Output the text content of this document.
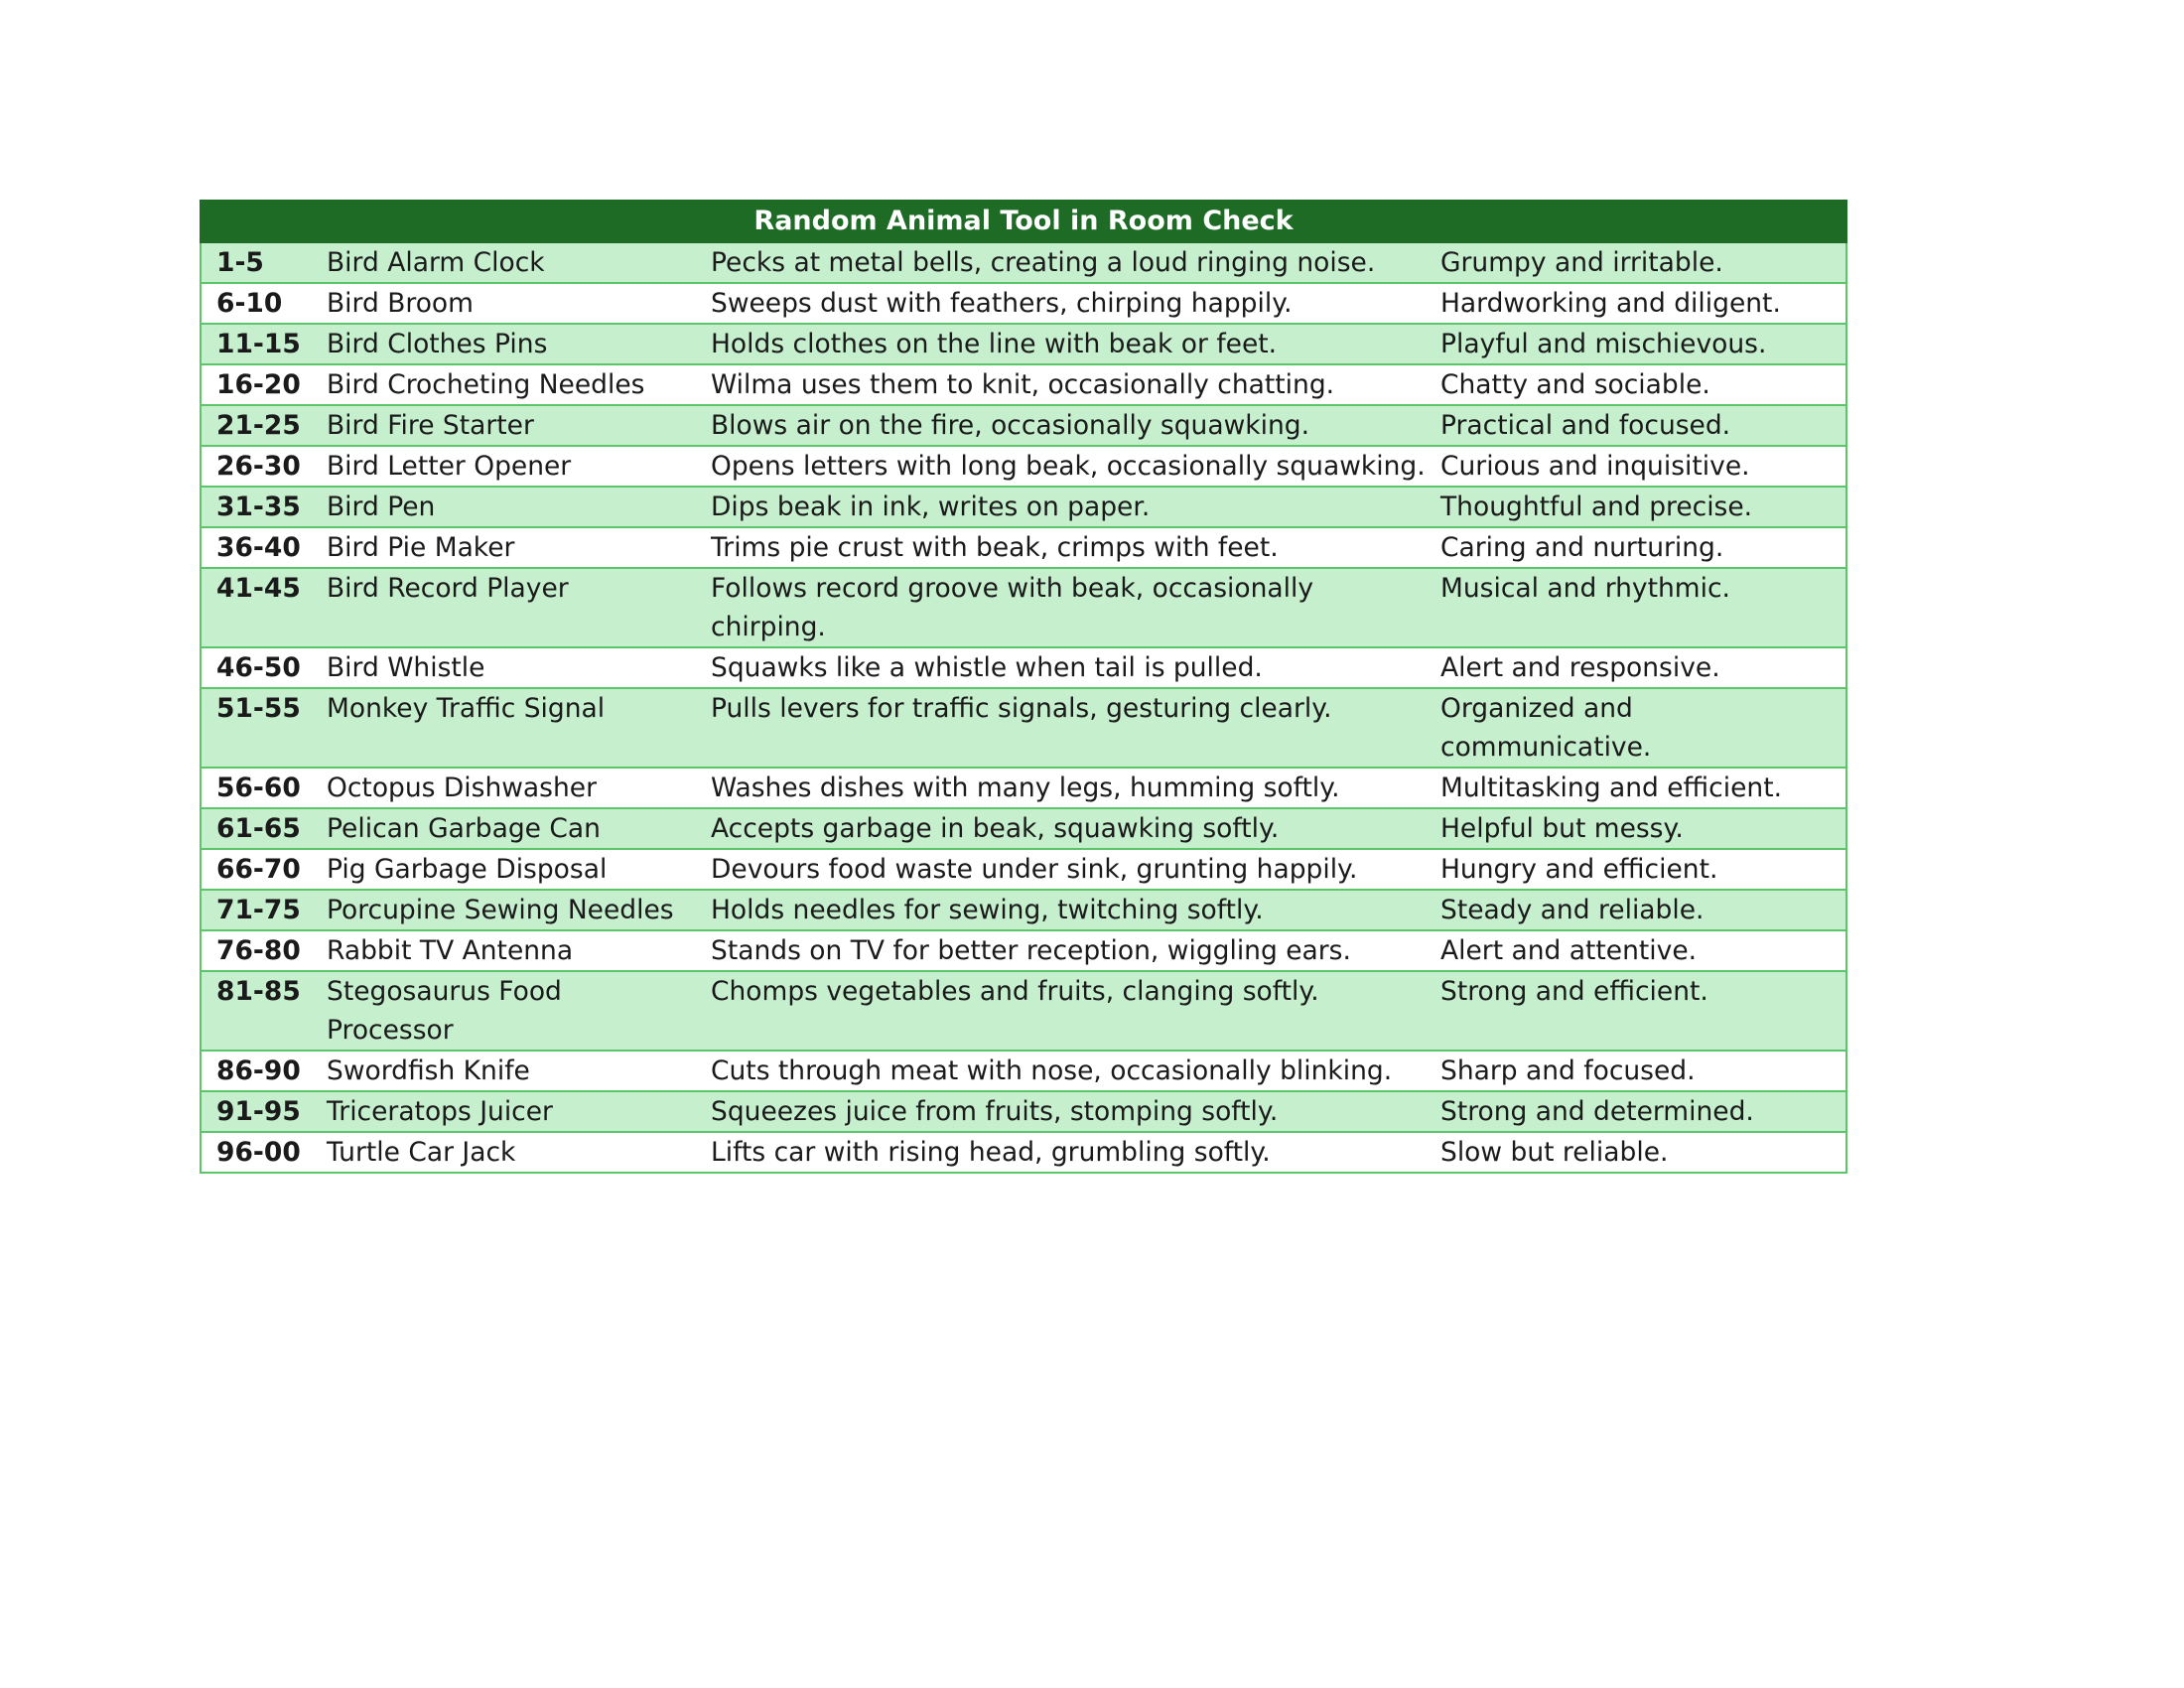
Random Animal Tool in Room Check			
1-5	Bird Alarm Clock	Pecks at metal bells, creating a loud ringing noise.	Grumpy and irritable.
6-10	Bird Broom	Sweeps dust with feathers, chirping happily.	Hardworking and diligent.
11-15	Bird Clothes Pins	Holds clothes on the line with beak or feet.	Playful and mischievous.
16-20	Bird Crocheting Needles	Wilma uses them to knit, occasionally chatting.	Chatty and sociable.
21-25	Bird Fire Starter	Blows air on the fire, occasionally squawking.	Practical and focused.
26-30	Bird Letter Opener	Opens letters with long beak, occasionally squawking.	Curious and inquisitive.
31-35	Bird Pen	Dips beak in ink, writes on paper.	Thoughtful and precise.
36-40	Bird Pie Maker	Trims pie crust with beak, crimps with feet.	Caring and nurturing.
41-45	Bird Record Player	Follows record groove with beak, occasionally chirping.	Musical and rhythmic.
46-50	Bird Whistle	Squawks like a whistle when tail is pulled.	Alert and responsive.
51-55	Monkey Traffic Signal	Pulls levers for traffic signals, gesturing clearly.	Organized and communicative.
56-60	Octopus Dishwasher	Washes dishes with many legs, humming softly.	Multitasking and efficient.
61-65	Pelican Garbage Can	Accepts garbage in beak, squawking softly.	Helpful but messy.
66-70	Pig Garbage Disposal	Devours food waste under sink, grunting happily.	Hungry and efficient.
71-75	Porcupine Sewing Needles	Holds needles for sewing, twitching softly.	Steady and reliable.
76-80	Rabbit TV Antenna	Stands on TV for better reception, wiggling ears.	Alert and attentive.
81-85	Stegosaurus Food Processor	Chomps vegetables and fruits, clanging softly.	Strong and efficient.
86-90	Swordfish Knife	Cuts through meat with nose, occasionally blinking.	Sharp and focused.
91-95	Triceratops Juicer	Squeezes juice from fruits, stomping softly.	Strong and determined.
96-00	Turtle Car Jack	Lifts car with rising head, grumbling softly.	Slow but reliable.
